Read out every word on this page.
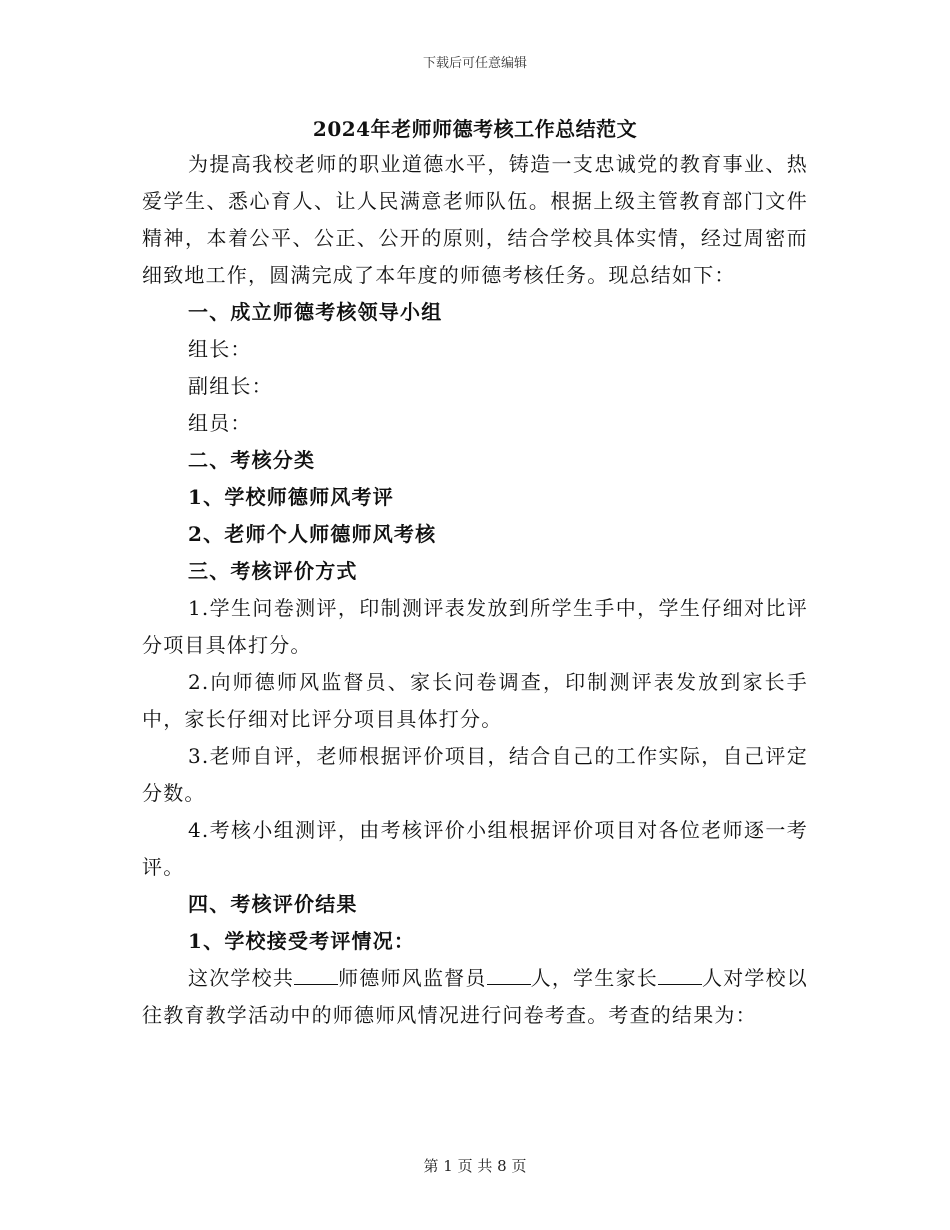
下载后可任意编辑
2024年老师师德考核工作总结范文

为提高我校老师的职业道德水平，铸造一支忠诚党的教育事业、热爱学生、悉心育人、让人民满意老师队伍。根据上级主管教育部门文件精神，本着公平、公正、公开的原则，结合学校具体实情，经过周密而细致地工作，圆满完成了本年度的师德考核任务。现总结如下：

一、成立师德考核领导小组

组长：

副组长：

组员：

二、考核分类

1、学校师德师风考评

2、老师个人师德师风考核

三、考核评价方式

1.学生问卷测评，印制测评表发放到所学生手中，学生仔细对比评分项目具体打分。

2.向师德师风监督员、家长问卷调查，印制测评表发放到家长手中，家长仔细对比评分项目具体打分。

3.老师自评，老师根据评价项目，结合自己的工作实际，自己评定分数。

4.考核小组测评，由考核评价小组根据评价项目对各位老师逐一考评。

四、考核评价结果

1、学校接受考评情况：

这次学校共 师德师风监督员 人，学生家长 人对学校以往教育教学活动中的师德师风情况进行问卷考查。考查的结果为：

第 1 页 共 8 页
